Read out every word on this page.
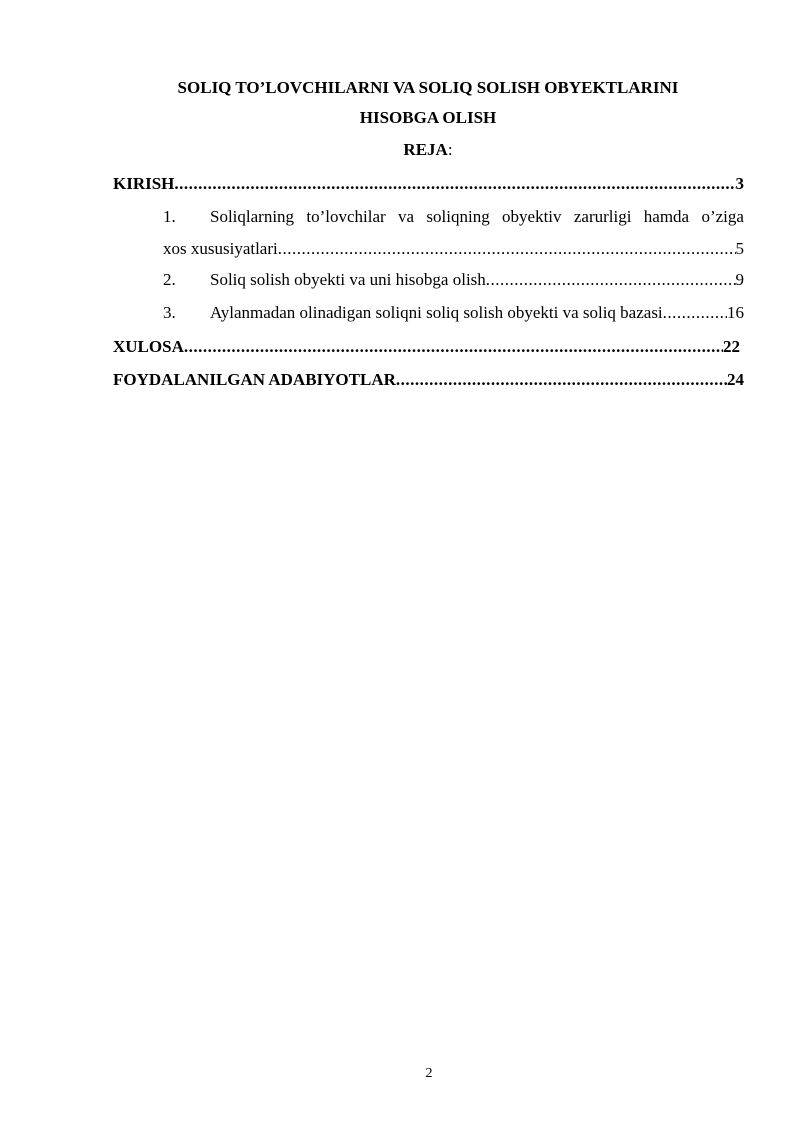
SOLIQ TO’LOVCHILARNI VA SOLIQ SOLISH OBYEKTLARINI
HISOBGA OLISH
REJA:
KIRISH .....	3
1.	Soliqlarning to’lovchilar va soliqning obyektiv zarurligi hamda o’ziga
xos xususiyatlari .....	5
2.	Soliq solish obyekti va uni hisobga olish .....	9
3.	Aylanmadan olinadigan soliqni soliq solish obyekti va soliq bazasi .....	16
XULOSA .....	22
FOYDALANILGAN ADABIYOTLAR .....	24
2
